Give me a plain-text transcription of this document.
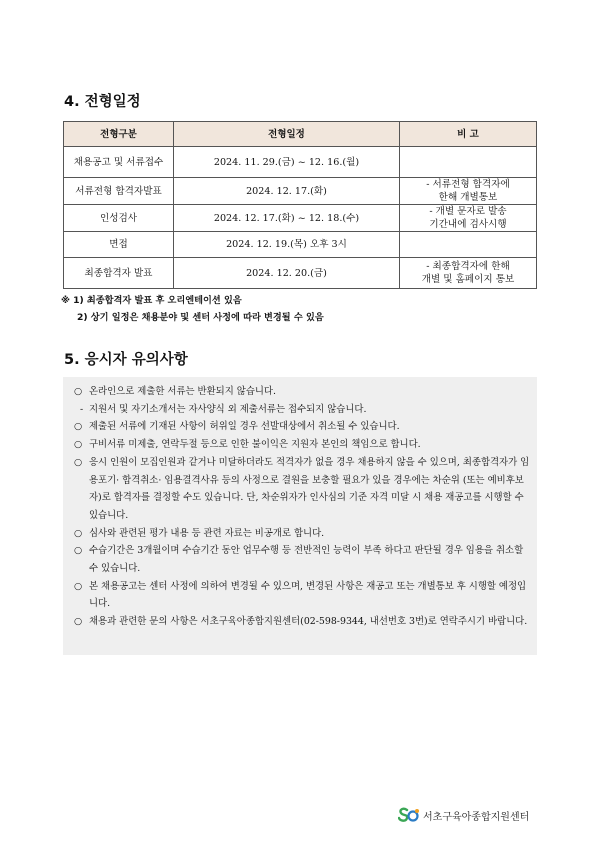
4. 전형일정
전형구분	전형일정	비 고
채용공고 및 서류접수	2024. 11. 29.(금) ~ 12. 16.(월)	

서류전형 합격자발표	2024. 12. 17.(화)	- 서류전형 합격자에
한해 개별통보
인성검사	2024. 12. 17.(화) ~ 12. 18.(수)	- 개별 문자로 발송
기간내에 검사시행
면접	2024. 12. 19.(목) 오후 3시	
최종합격자 발표	2024. 12. 20.(금)	- 최종합격자에 한해
개별 및 홈페이지 통보
※ 1) 최종합격자 발표 후 오리엔테이션 있음
2) 상기 일정은 채용분야 및 센터 사정에 따라 변경될 수 있음
5. 응시자 유의사항
○ 온라인으로 제출한 서류는 반환되지 않습니다.
- 지원서 및 자기소개서는 자사양식 외 제출서류는 접수되지 않습니다.
○ 제출된 서류에 기재된 사항이 허위일 경우 선발대상에서 취소될 수 있습니다.
○ 구비서류 미제출, 연락두절 등으로 인한 불이익은 지원자 본인의 책임으로 합니다.
○ 응시 인원이 모집인원과 같거나 미달하더라도 적격자가 없을 경우 채용하지 않을 수 있으며, 최종합격자가 임용포기· 합격취소· 임용결격사유 등의 사정으로 결원을 보충할 필요가 있을 경우에는 차순위 (또는 예비후보자)로 합격자를 결정할 수도 있습니다. 단, 차순위자가 인사심의 기준 자격 미달 시 채용 재공고를 시행할 수 있습니다.
○ 심사와 관련된 평가 내용 등 관련 자료는 비공개로 합니다.
○ 수습기간은 3개월이며 수습기간 동안 업무수행 등 전반적인 능력이 부족 하다고 판단될 경우 임용을 취소할 수 있습니다.
○ 본 채용공고는 센터 사정에 의하여 변경될 수 있으며, 변경된 사항은 재공고 또는 개별통보 후 시행할 예정입니다.
○ 채용과 관련한 문의 사항은 서초구육아종합지원센터(02-598-9344, 내선번호 3번)로 연락주시기 바랍니다.
서초구육아종합지원센터
